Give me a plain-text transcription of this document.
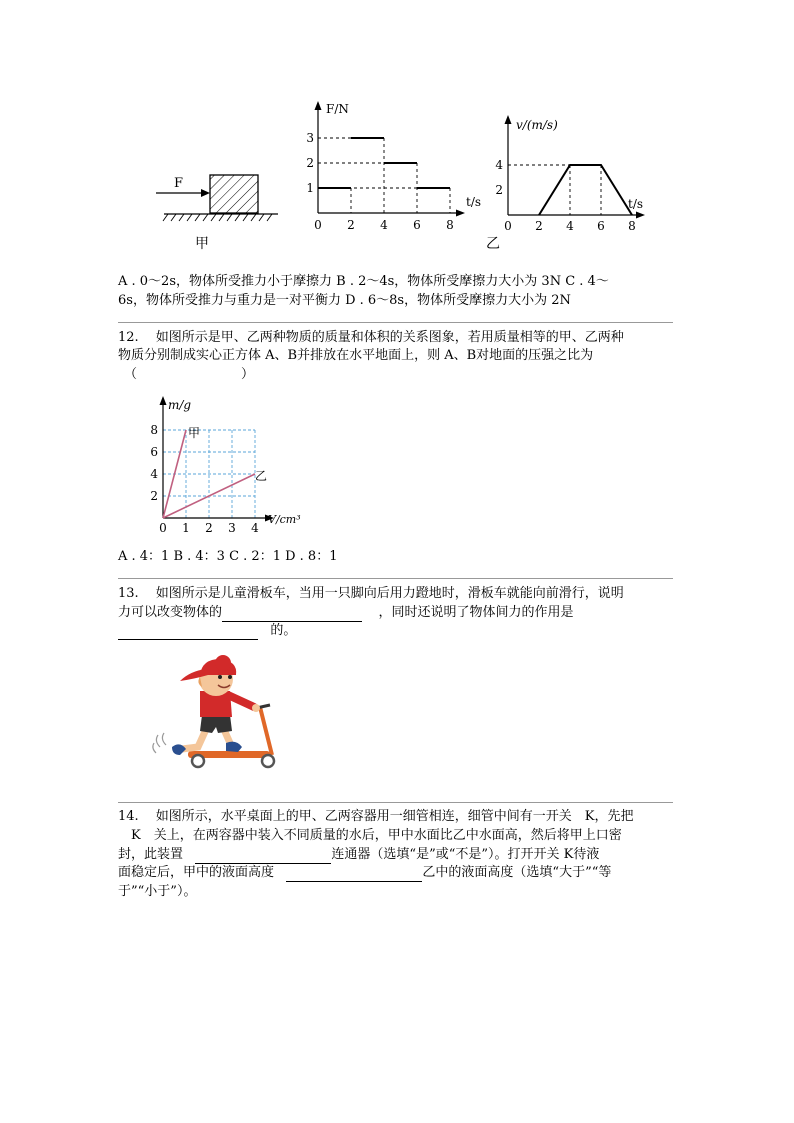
F
甲
F/N
t/s
0 2 4 6 8
1
2
3
v/(m/s)
t/s
0 2 4 6 8
2
4
乙
A . 0～2s，物体所受推力小于摩擦力 B . 2～4s，物体所受摩擦力大小为 3N C . 4～
6s，物体所受推力与重力是一对平衡力 D . 6～8s，物体所受摩擦力大小为 2N
12.　 如图所示是甲、乙两种物质的质量和体积的关系图象，若用质量相等的甲、乙两种
物质分别制成实心正方体 A、B并排放在水平地面上，则 A、B对地面的压强之比为
（	）
m/g
V/cm³
甲
乙
0 1 2 3 4
2
4
6
8
A . 4：1 B . 4：3 C . 2：1 D . 8：1
13.　 如图所示是儿童滑板车，当用一只脚向后用力蹬地时，滑板车就能向前滑行，说明
力可以改变物体的	，同时还说明了物体间力的作用是
的。
14.　 如图所示，水平桌面上的甲、乙两容器用一细管相连，细管中间有一开关　K，先把
　K　关上，在两容器中装入不同质量的水后，甲中水面比乙中水面高，然后将甲上口密
封，此装置	连通器（选填“是”或“不是”）。打开开关 K待液
面稳定后，甲中的液面高度	乙中的液面高度（选填“大于”“等
于”“小于”）。
